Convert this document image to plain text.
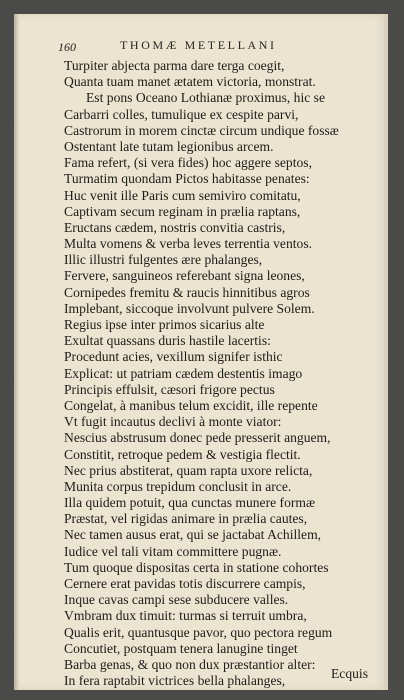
160	THOMÆ METELLANI
Turpiter abjecta parma dare terga coegit,
Quanta tuam manet ætatem victoria, monstrat.
Est pons Oceano Lothianæ proximus, hic se
Carbarri colles, tumulique ex cespite parvi,
Castrorum in morem cinctæ circum undique fossæ
Ostentant late tutam legionibus arcem.
Fama refert, (si vera fides) hoc aggere septos,
Turmatim quondam Pictos habitasse penates:
Huc venit ille Paris cum semiviro comitatu,
Captivam secum reginam in prælia raptans,
Eructans cædem, nostris convitia castris,
Multa vomens & verba leves terrentia ventos.
Illic illustri fulgentes ære phalanges,
Fervere, sanguineos referebant signa leones,
Cornipedes fremitu & raucis hinnitibus agros
Implebant, siccoque involvunt pulvere Solem.
Regius ipse inter primos sicarius alte
Exultat quassans duris hastile lacertis:
Procedunt acies, vexillum signifer isthic
Explicat: ut patriam cædem destentis imago
Principis effulsit, cæsori frigore pectus
Congelat, à manibus telum excidit, ille repente
Vt fugit incautus declivi à monte viator:
Nescius abstrusum donec pede presserit anguem,
Constitit, retroque pedem & vestigia flectit.
Nec prius abstiterat, quam rapta uxore relicta,
Munita corpus trepidum conclusit in arce.
Illa quidem potuit, qua cunctas munere formæ
Præstat, vel rigidas animare in prælia cautes,
Nec tamen ausus erat, qui se jactabat Achillem,
Iudice vel tali vitam committere pugnæ.
Tum quoque dispositas certa in statione cohortes
Cernere erat pavidas totis discurrere campis,
Inque cavas campi sese subducere valles.
Vmbram dux timuit: turmas si terruit umbra,
Qualis erit, quantusque pavor, quo pectora regum
Concutiet, postquam tenera lanugine tinget
Barba genas, & quo non dux præstantior alter:
In fera raptabit victrices bella phalanges,	Ecquis
